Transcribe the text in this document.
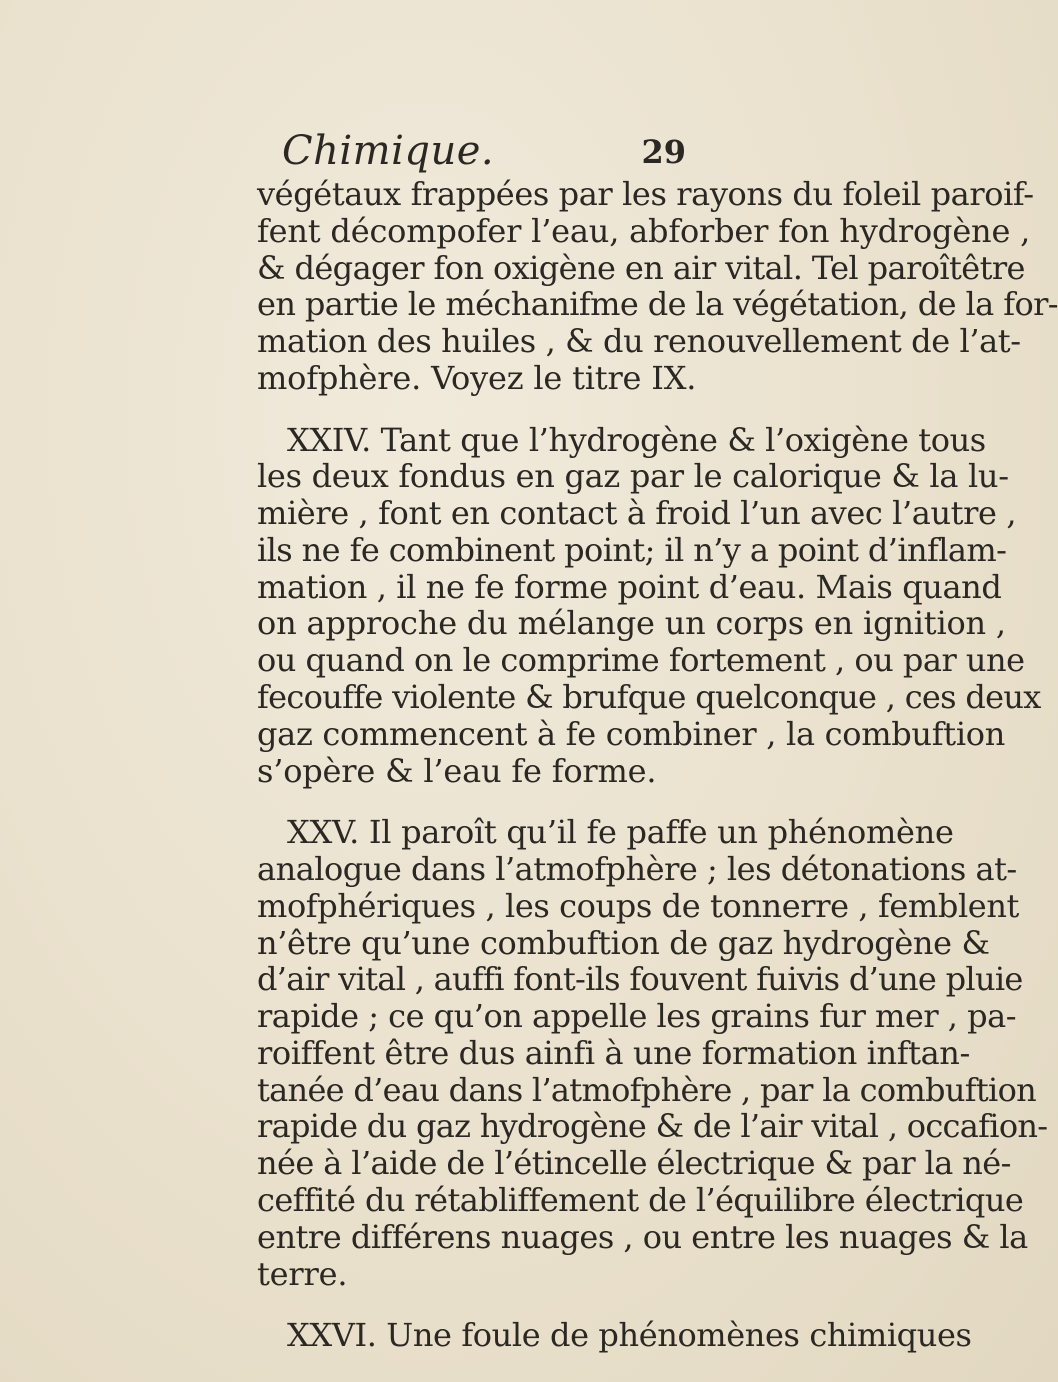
Chimique.	29
végétaux frappées par les rayons du foleil paroif-
fent décompofer l’eau, abforber fon hydrogène ,
& dégager fon oxigène en air vital. Tel paroîtêtre
en partie le méchanifme de la végétation, de la for-
mation des huiles , & du renouvellement de l’at-
mofphère. Voyez le titre IX.
XXIV. Tant que l’hydrogène & l’oxigène tous
les deux fondus en gaz par le calorique & la lu-
mière , font en contact à froid l’un avec l’autre ,
ils ne fe combinent point; il n’y a point d’inflam-
mation , il ne fe forme point d’eau. Mais quand
on approche du mélange un corps en ignition ,
ou quand on le comprime fortement , ou par une
fecouffe violente & brufque quelconque , ces deux
gaz commencent à fe combiner , la combuftion
s’opère & l’eau fe forme.
XXV. Il paroît qu’il fe paffe un phénomène
analogue dans l’atmofphère ; les détonations at-
mofphériques , les coups de tonnerre , femblent
n’être qu’une combuftion de gaz hydrogène &
d’air vital , auffi font-ils fouvent fuivis d’une pluie
rapide ; ce qu’on appelle les grains fur mer , pa-
roiffent être dus ainfi à une formation inftan-
tanée d’eau dans l’atmofphère , par la combuftion
rapide du gaz hydrogène & de l’air vital , occafion-
née à l’aide de l’étincelle électrique & par la né-
ceffité du rétabliffement de l’équilibre électrique
entre différens nuages , ou entre les nuages & la
terre.
XXVI. Une foule de phénomènes chimiques
